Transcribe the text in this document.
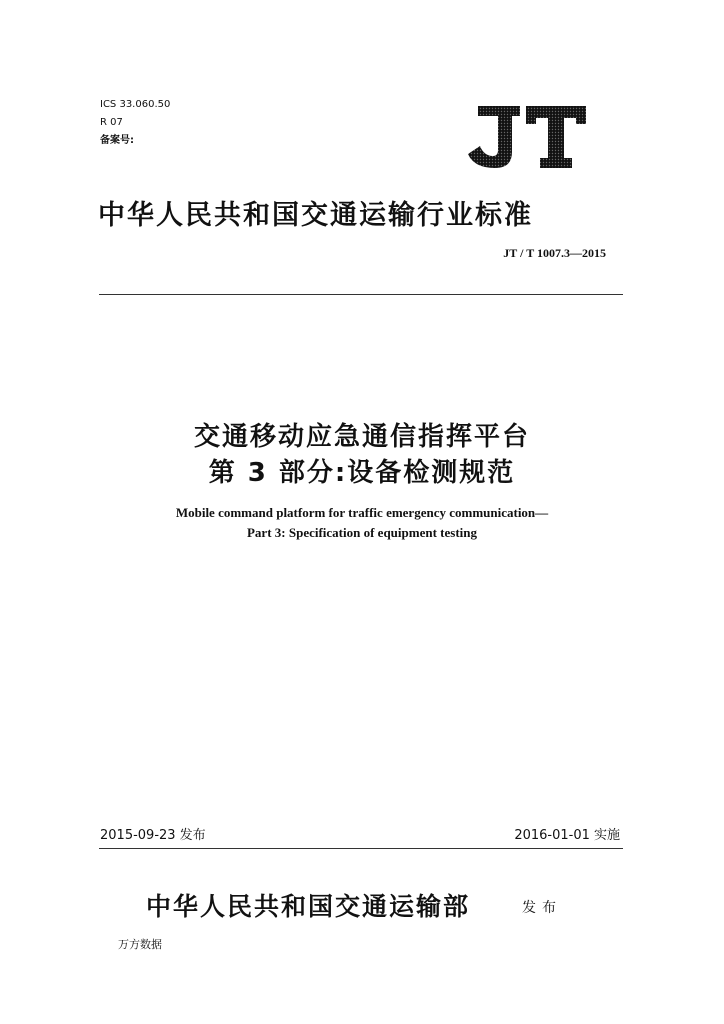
ICS 33.060.50
R 07
备案号:
JT
中华人民共和国交通运输行业标准
JT / T 1007.3—2015
交通移动应急通信指挥平台
第 3 部分:设备检测规范
Mobile command platform for traffic emergency communication—
Part 3: Specification of equipment testing
2015-09-23 发布	2016-01-01 实施
中华人民共和国交通运输部	发布
万方数据
